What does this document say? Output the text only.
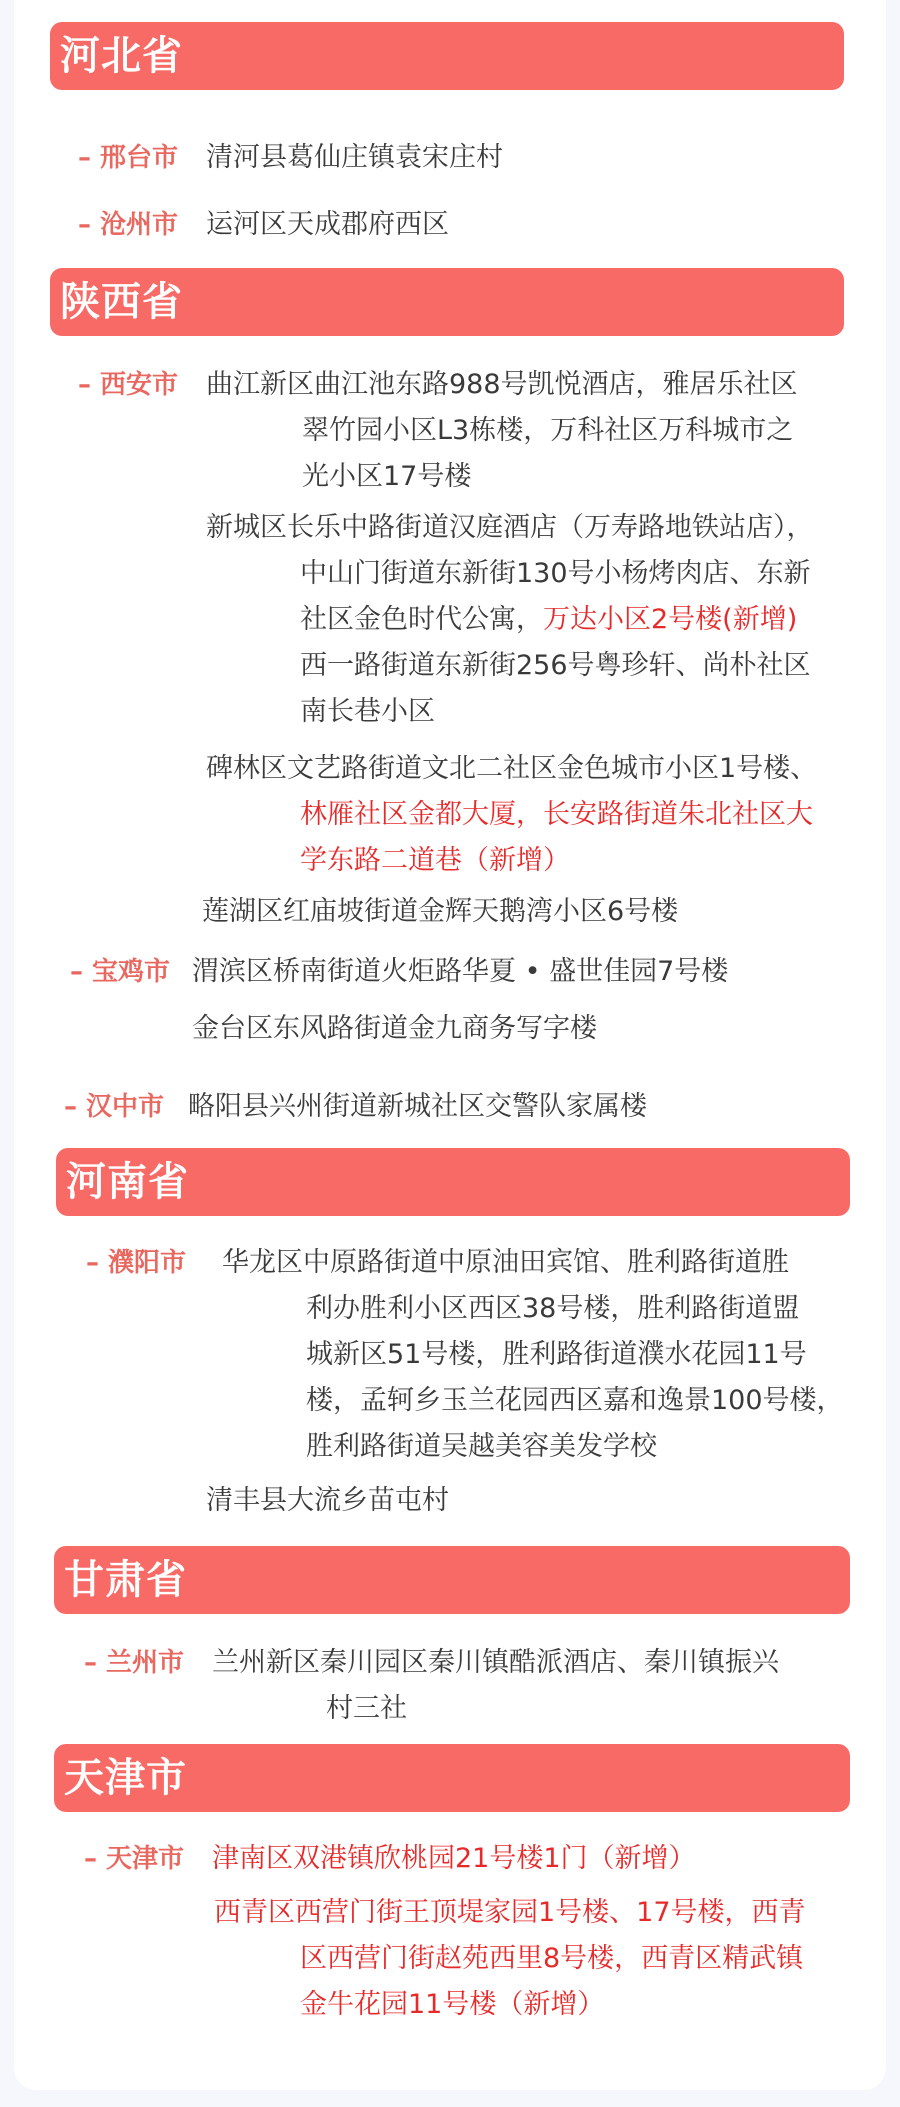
河北省
– 邢台市 清河县葛仙庄镇袁宋庄村
– 沧州市 运河区天成郡府西区
陕西省
– 西安市 曲江新区曲江池东路988号凯悦酒店，雅居乐社区
翠竹园小区L3栋楼，万科社区万科城市之
光小区17号楼
新城区长乐中路街道汉庭酒店（万寿路地铁站店），
中山门街道东新街130号小杨烤肉店、东新
社区金色时代公寓，万达小区2号楼(新增)
西一路街道东新街256号粤珍轩、尚朴社区
南长巷小区
碑林区文艺路街道文北二社区金色城市小区1号楼、
林雁社区金都大厦，长安路街道朱北社区大
学东路二道巷（新增）
莲湖区红庙坡街道金辉天鹅湾小区6号楼
– 宝鸡市 渭滨区桥南街道火炬路华夏 • 盛世佳园7号楼
金台区东风路街道金九商务写字楼
– 汉中市 略阳县兴州街道新城社区交警队家属楼
河南省
– 濮阳市 华龙区中原路街道中原油田宾馆、胜利路街道胜
利办胜利小区西区38号楼，胜利路街道盟
城新区51号楼，胜利路街道濮水花园11号
楼，孟轲乡玉兰花园西区嘉和逸景100号楼，
胜利路街道吴越美容美发学校
清丰县大流乡苗屯村
甘肃省
– 兰州市 兰州新区秦川园区秦川镇酷派酒店、秦川镇振兴
村三社
天津市
– 天津市 津南区双港镇欣桃园21号楼1门（新增）
西青区西营门街王顶堤家园1号楼、17号楼，西青
区西营门街赵苑西里8号楼，西青区精武镇
金牛花园11号楼（新增）
